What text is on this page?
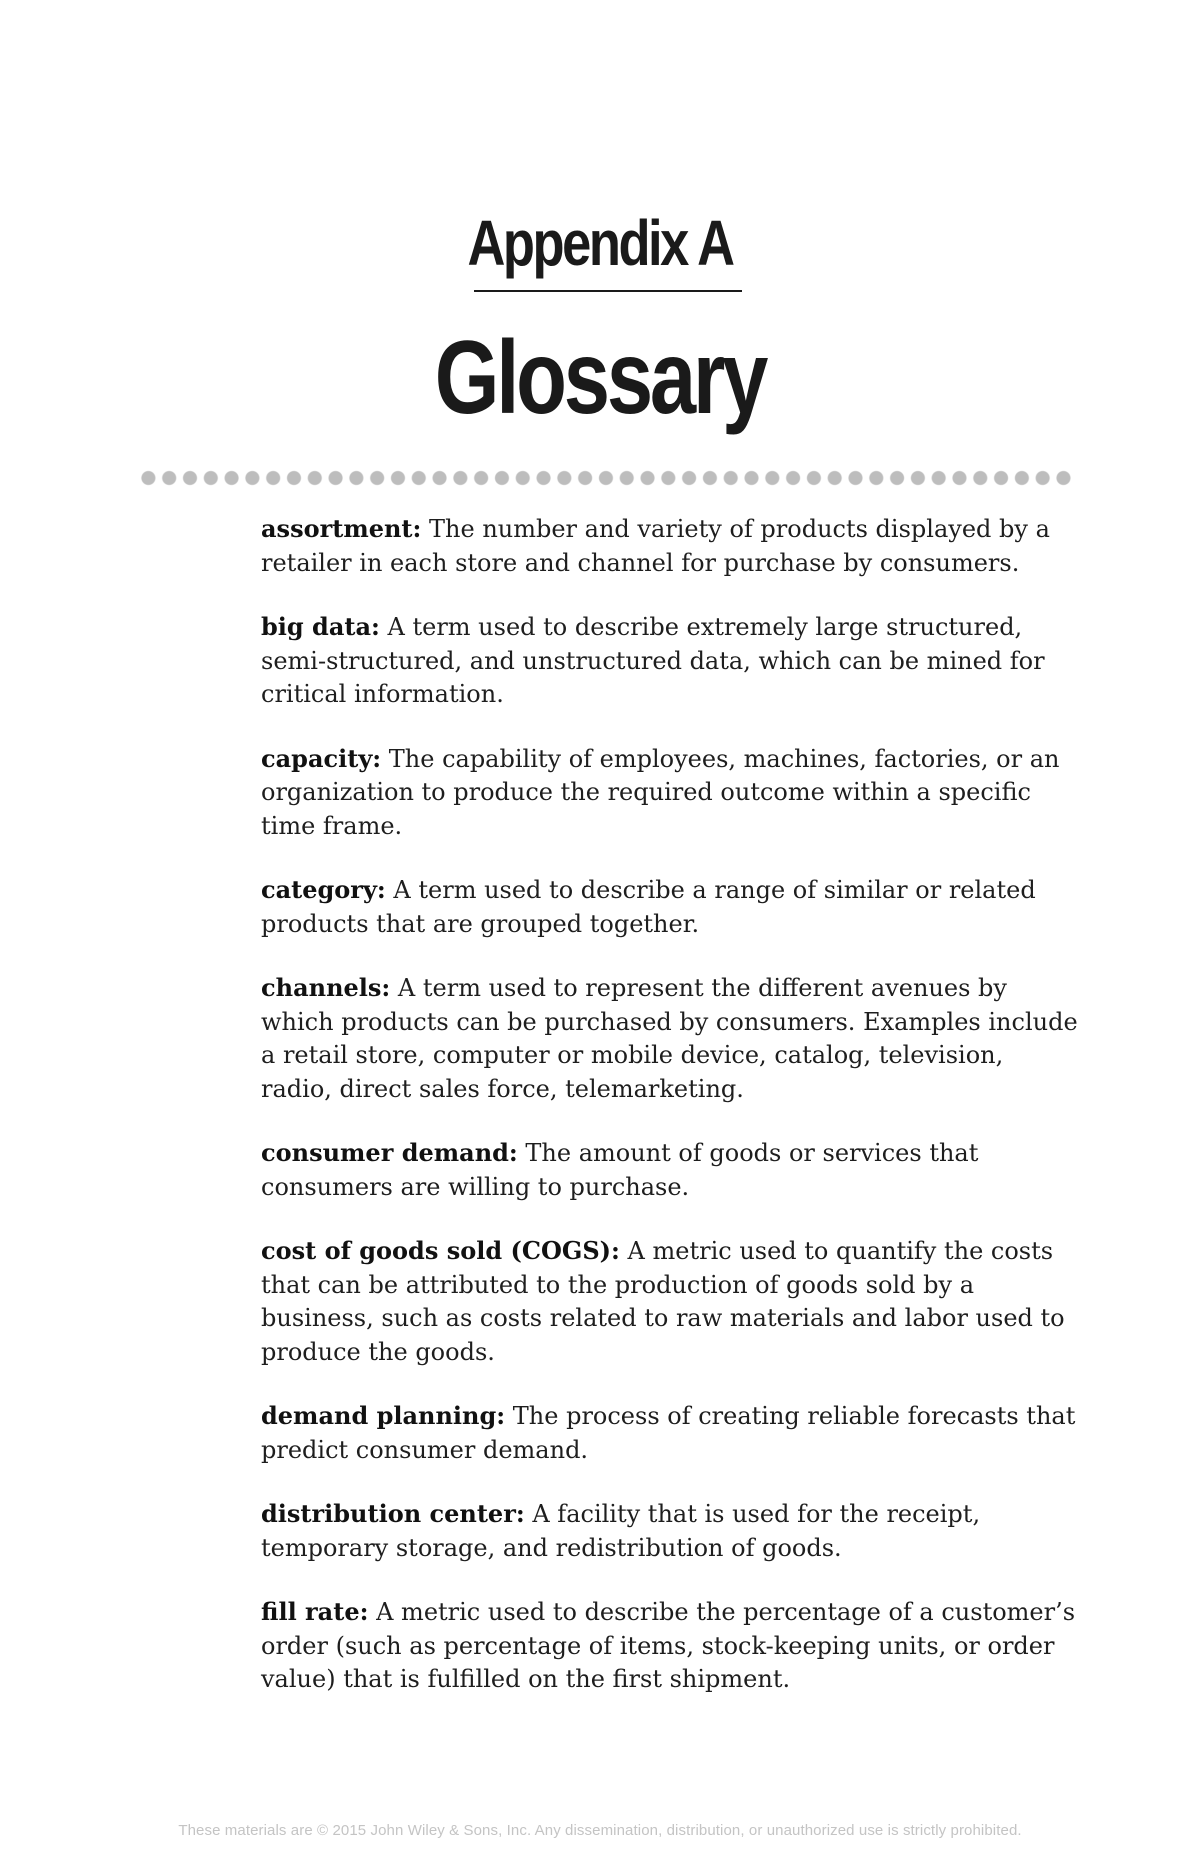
Appendix A
Glossary

assortment: The number and variety of products displayed by a retailer in each store and channel for purchase by consumers.

big data: A term used to describe extremely large structured, semi-structured, and unstructured data, which can be mined for critical information.

capacity: The capability of employees, machines, factories, or an organization to produce the required outcome within a specific time frame.

category: A term used to describe a range of similar or related products that are grouped together.

channels: A term used to represent the different avenues by which products can be purchased by consumers. Examples include a retail store, computer or mobile device, catalog, television, radio, direct sales force, telemarketing.

consumer demand: The amount of goods or services that consumers are willing to purchase.

cost of goods sold (COGS): A metric used to quantify the costs that can be attributed to the production of goods sold by a business, such as costs related to raw materials and labor used to produce the goods.

demand planning: The process of creating reliable forecasts that predict consumer demand.

distribution center: A facility that is used for the receipt, temporary storage, and redistribution of goods.

fill rate: A metric used to describe the percentage of a customer’s order (such as percentage of items, stock-keeping units, or order value) that is fulfilled on the first shipment.

These materials are © 2015 John Wiley & Sons, Inc. Any dissemination, distribution, or unauthorized use is strictly prohibited.
